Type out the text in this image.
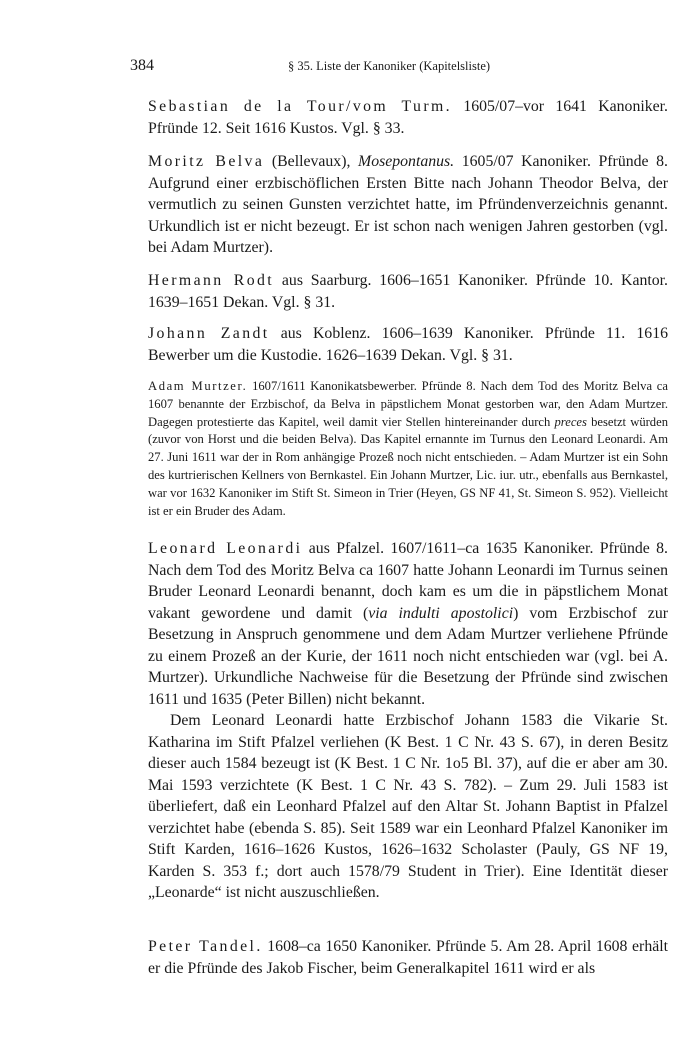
384	§ 35. Liste der Kanoniker (Kapitelsliste)

Sebastian de la Tour/vom Turm. 1605/07–vor 1641 Kanoniker. Pfründe 12. Seit 1616 Kustos. Vgl. § 33.

Moritz Belva (Bellevaux), Mosepontanus. 1605/07 Kanoniker. Pfründe 8. Aufgrund einer erzbischöflichen Ersten Bitte nach Johann Theodor Belva, der vermutlich zu seinen Gunsten verzichtet hatte, im Pfründenverzeichnis genannt. Urkundlich ist er nicht bezeugt. Er ist schon nach wenigen Jahren gestorben (vgl. bei Adam Murtzer).

Hermann Rodt aus Saarburg. 1606–1651 Kanoniker. Pfründe 10. Kantor. 1639–1651 Dekan. Vgl. § 31.

Johann Zandt aus Koblenz. 1606–1639 Kanoniker. Pfründe 11. 1616 Bewerber um die Kustodie. 1626–1639 Dekan. Vgl. § 31.

Adam Murtzer. 1607/1611 Kanonikatsbewerber. Pfründe 8. Nach dem Tod des Moritz Belva ca 1607 benannte der Erzbischof, da Belva in päpstlichem Monat gestorben war, den Adam Murtzer. Dagegen protestierte das Kapitel, weil damit vier Stellen hintereinander durch preces besetzt würden (zuvor von Horst und die beiden Belva). Das Kapitel ernannte im Turnus den Leonard Leonardi. Am 27. Juni 1611 war der in Rom anhängige Prozeß noch nicht entschieden. – Adam Murtzer ist ein Sohn des kurtrierischen Kellners von Bernkastel. Ein Johann Murtzer, Lic. iur. utr., ebenfalls aus Bernkastel, war vor 1632 Kanoniker im Stift St. Simeon in Trier (Heyen, GS NF 41, St. Simeon S. 952). Vielleicht ist er ein Bruder des Adam.

Leonard Leonardi aus Pfalzel. 1607/1611–ca 1635 Kanoniker. Pfründe 8. Nach dem Tod des Moritz Belva ca 1607 hatte Johann Leonardi im Turnus seinen Bruder Leonard Leonardi benannt, doch kam es um die in päpstlichem Monat vakant gewordene und damit (via indulti apostolici) vom Erzbischof zur Besetzung in Anspruch genommene und dem Adam Murtzer verliehene Pfründe zu einem Prozeß an der Kurie, der 1611 noch nicht entschieden war (vgl. bei A. Murtzer). Urkundliche Nachweise für die Besetzung der Pfründe sind zwischen 1611 und 1635 (Peter Billen) nicht bekannt.

Dem Leonard Leonardi hatte Erzbischof Johann 1583 die Vikarie St. Katharina im Stift Pfalzel verliehen (K Best. 1 C Nr. 43 S. 67), in deren Besitz dieser auch 1584 bezeugt ist (K Best. 1 C Nr. 1o5 Bl. 37), auf die er aber am 30. Mai 1593 verzichtete (K Best. 1 C Nr. 43 S. 782). – Zum 29. Juli 1583 ist überliefert, daß ein Leonhard Pfalzel auf den Altar St. Johann Baptist in Pfalzel verzichtet habe (ebenda S. 85). Seit 1589 war ein Leonhard Pfalzel Kanoniker im Stift Karden, 1616–1626 Kustos, 1626–1632 Scholaster (Pauly, GS NF 19, Karden S. 353 f.; dort auch 1578/79 Student in Trier). Eine Identität dieser „Leonarde“ ist nicht auszuschließen.

Peter Tandel. 1608–ca 1650 Kanoniker. Pfründe 5. Am 28. April 1608 erhält er die Pfründe des Jakob Fischer, beim Generalkapitel 1611 wird er als
